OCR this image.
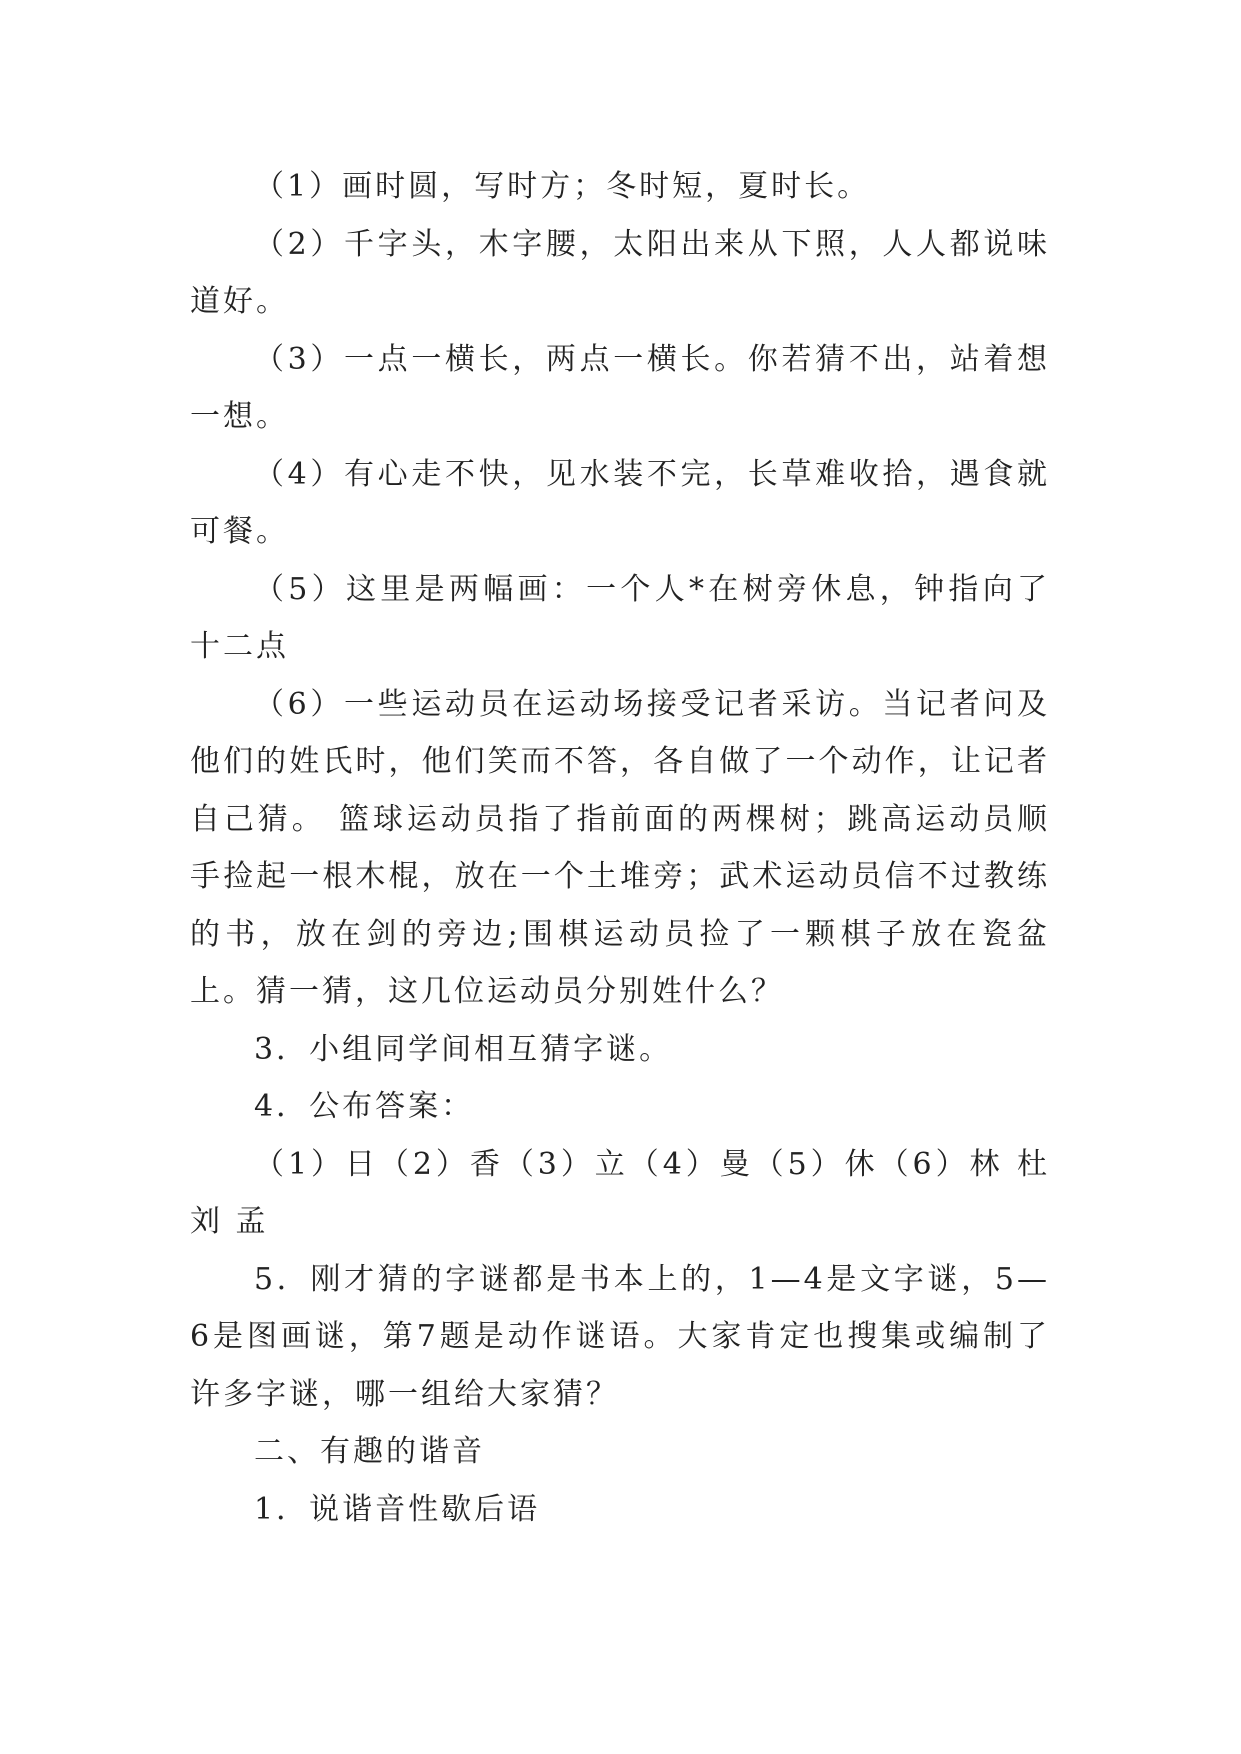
（1）画时圆，写时方；冬时短，夏时长。

（2）千字头，木字腰，太阳出来从下照，人人都说味道好。

（3）一点一横长，两点一横长。你若猜不出，站着想一想。

（4）有心走不快，见水装不完，长草难收拾，遇食就可餐。

（5）这里是两幅画：一个人*在树旁休息，钟指向了十二点

（6）一些运动员在运动场接受记者采访。当记者问及他们的姓氏时，他们笑而不答，各自做了一个动作，让记者自己猜。 篮球运动员指了指前面的两棵树；跳高运动员顺手捡起一根木棍，放在一个土堆旁；武术运动员信不过教练的书，放在剑的旁边;围棋运动员捡了一颗棋子放在瓷盆上。猜一猜，这几位运动员分别姓什么？

3．小组同学间相互猜字谜。

4．公布答案：

（1）日（2）香（3）立（4）曼（5）休（6）林 杜 刘 孟

5．刚才猜的字谜都是书本上的，1—4是文字谜，5—6是图画谜，第7题是动作谜语。大家肯定也搜集或编制了许多字谜，哪一组给大家猜？

二、有趣的谐音

1．说谐音性歇后语
